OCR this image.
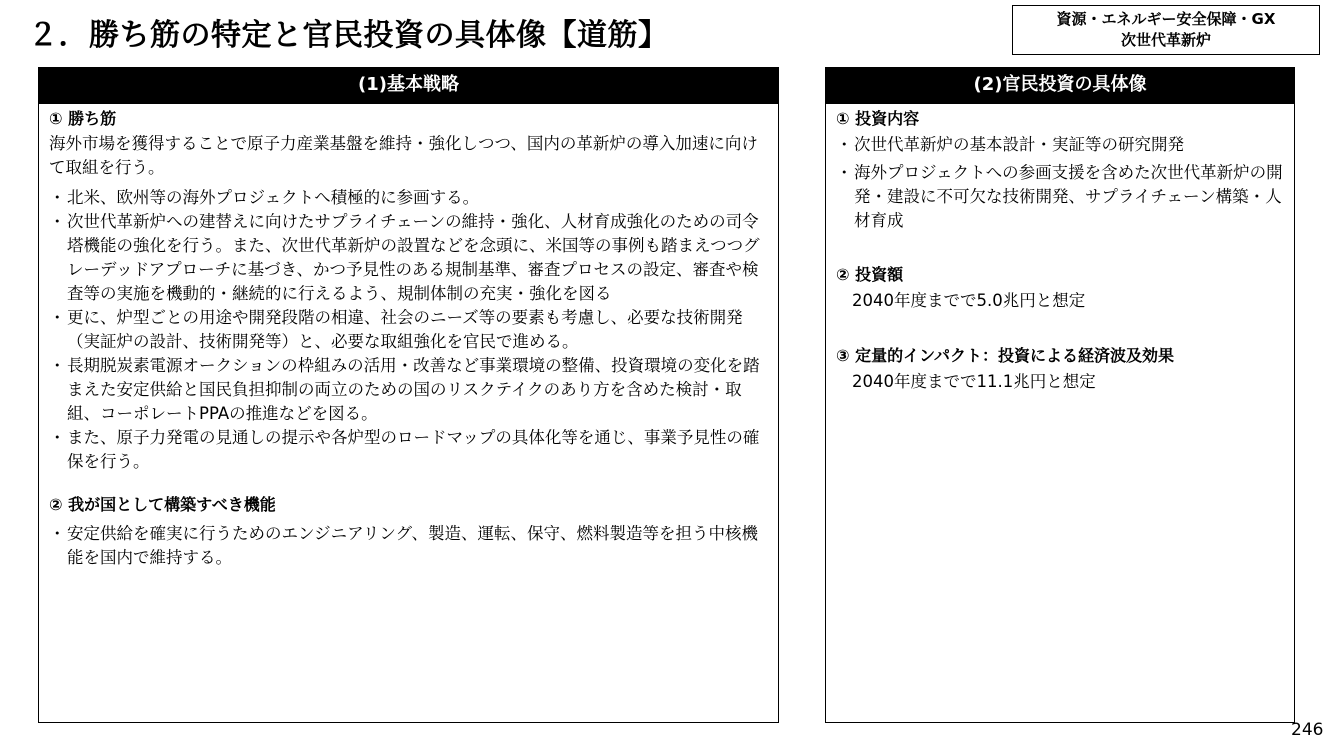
２．勝ち筋の特定と官民投資の具体像【道筋】	資源・エネルギー安全保障・GX
次世代革新炉
(1)基本戦略
① 勝ち筋
海外市場を獲得することで原子力産業基盤を維持・強化しつつ、国内の革新炉の導入加速に向けて取組を行う。
・ 北米、欧州等の海外プロジェクトへ積極的に参画する。
・ 次世代革新炉への建替えに向けたサプライチェーンの維持・強化、人材育成強化のための司令塔機能の強化を行う。また、次世代革新炉の設置などを念頭に、米国等の事例も踏まえつつグレーデッドアプローチに基づき、かつ予見性のある規制基準、審査プロセスの設定、審査や検査等の実施を機動的・継続的に行えるよう、規制体制の充実・強化を図る
・ 更に、炉型ごとの用途や開発段階の相違、社会のニーズ等の要素も考慮し、必要な技術開発（実証炉の設計、技術開発等）と、必要な取組強化を官民で進める。
・ 長期脱炭素電源オークションの枠組みの活用・改善など事業環境の整備、投資環境の変化を踏まえた安定供給と国民負担抑制の両立のための国のリスクテイクのあり方を含めた検討・取組、コーポレートPPAの推進などを図る。
・ また、原子力発電の見通しの提示や各炉型のロードマップの具体化等を通じ、事業予見性の確保を行う。
② 我が国として構築すべき機能
・ 安定供給を確実に行うためのエンジニアリング、製造、運転、保守、燃料製造等を担う中核機能を国内で維持する。
(2)官民投資の具体像
① 投資内容
・ 次世代革新炉の基本設計・実証等の研究開発
・ 海外プロジェクトへの参画支援を含めた次世代革新炉の開発・建設に不可欠な技術開発、サプライチェーン構築・人材育成
② 投資額
2040年度までで5.0兆円と想定
③ 定量的インパクト：投資による経済波及効果
2040年度までで11.1兆円と想定
246
